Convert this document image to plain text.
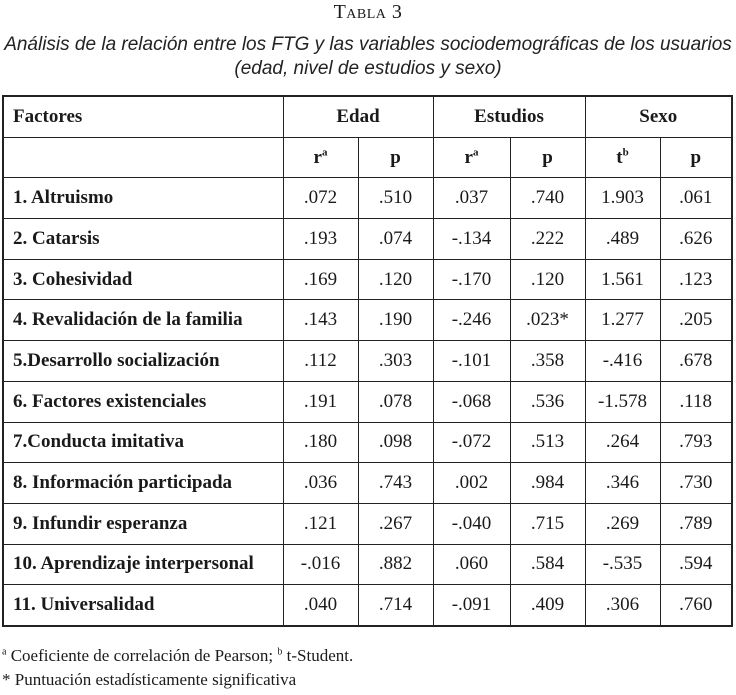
Tabla 3
Análisis de la relación entre los FTG y las variables sociodemográficas de los usuarios (edad, nivel de estudios y sexo)
Factores	Edad		Estudios		Sexo	
	$r^a$	p	$r^a$	p	$t^b$	p
1. Altruismo	.072	.510	.037	.740	1.903	.061
2. Catarsis	.193	.074	-.134	.222	.489	.626
3. Cohesividad	.169	.120	-.170	.120	1.561	.123
4. Revalidación de la familia	.143	.190	-.246	.023*	1.277	.205
5.Desarrollo socialización	.112	.303	-.101	.358	-.416	.678
6. Factores existenciales	.191	.078	-.068	.536	-1.578	.118
7.Conducta imitativa	.180	.098	-.072	.513	.264	.793
8. Información participada	.036	.743	.002	.984	.346	.730
9. Infundir esperanza	.121	.267	-.040	.715	.269	.789
10. Aprendizaje interpersonal	-.016	.882	.060	.584	-.535	.594
11. Universalidad	.040	.714	-.091	.409	.306	.760
$^a$ Coeficiente de correlación de Pearson; $^b$ t-Student.
* Puntuación estadísticamente significativa
